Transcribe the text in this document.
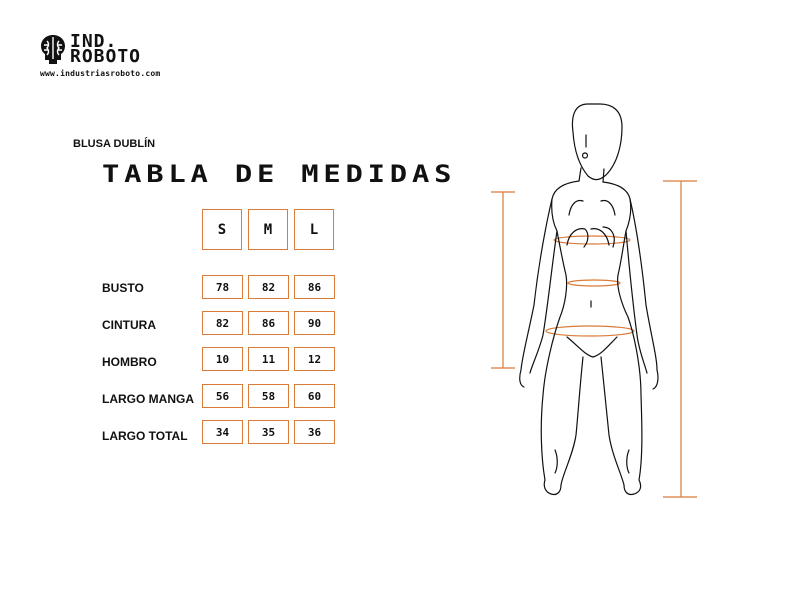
IND.
ROBOTO
www.industriasroboto.com
BLUSA DUBLÍN
TABLA DE MEDIDAS
S	M	L
BUSTO	78	82	86
CINTURA	82	86	90
HOMBRO	10	11	12
LARGO MANGA	56	58	60
LARGO TOTAL	34	35	36
